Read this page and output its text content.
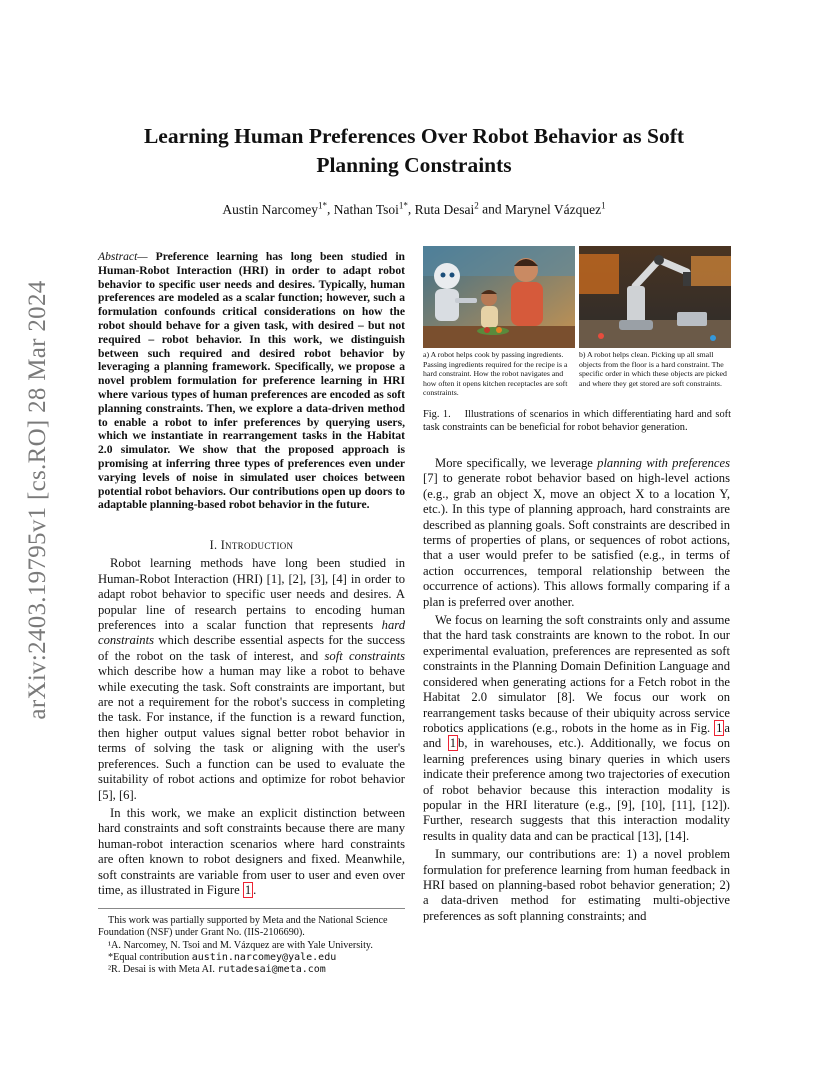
arXiv:2403.19795v1 [cs.RO] 28 Mar 2024
Learning Human Preferences Over Robot Behavior as Soft
Planning Constraints
Austin Narcomey$^{1*}$, Nathan Tsoi$^{1*}$, Ruta Desai$^2$ and Marynel Vázquez$^1$
Abstract— Preference learning has long been studied in Human-Robot Interaction (HRI) in order to adapt robot behavior to specific user needs and desires. Typically, human preferences are modeled as a scalar function; however, such a formulation confounds critical considerations on how the robot should behave for a given task, with desired – but not required – robot behavior. In this work, we distinguish between such required and desired robot behavior by leveraging a planning framework. Specifically, we propose a novel problem formulation for preference learning in HRI where various types of human preferences are encoded as soft planning constraints. Then, we explore a data-driven method to enable a robot to infer preferences by querying users, which we instantiate in rearrangement tasks in the Habitat 2.0 simulator. We show that the proposed approach is promising at inferring three types of preferences even under varying levels of noise in simulated user choices between potential robot behaviors. Our contributions open up doors to adaptable planning-based robot behavior in the future.
I. Introduction

Robot learning methods have long been studied in Human-Robot Interaction (HRI) [1], [2], [3], [4] in order to adapt robot behavior to specific user needs and desires. A popular line of research pertains to encoding human preferences into a scalar function that represents hard constraints which describe essential aspects for the success of the robot on the task of interest, and soft constraints which describe how a human may like a robot to behave while executing the task. Soft constraints are important, but are not a requirement for the robot's success in completing the task. For instance, if the function is a reward function, then higher output values signal better robot behavior in terms of solving the task or aligning with the user's preferences. Such a function can be used to evaluate the suitability of robot actions and optimize for robot behavior [5], [6].

In this work, we make an explicit distinction between hard constraints and soft constraints because there are many human-robot interaction scenarios where hard constraints are often known to robot designers and fixed. Meanwhile, soft constraints are variable from user to user and even over time, as illustrated in Figure 1 .

This work was partially supported by Meta and the National Science Foundation (NSF) under Grant No. (IIS-2106690).
¹A. Narcomey, N. Tsoi and M. Vázquez are with Yale University.
*Equal contribution austin.narcomey@yale.edu
²R. Desai is with Meta AI. rutadesai@meta.com
a) A robot helps cook by passing ingredients. Passing ingredients required for the recipe is a hard constraint. How the robot navigates and how often it opens kitchen receptacles are soft constraints.
b) A robot helps clean. Picking up all small objects from the floor is a hard constraint. The specific order in which these objects are picked and where they get stored are soft constraints.
Fig. 1. Illustrations of scenarios in which differentiating hard and soft task constraints can be beneficial for robot behavior generation.

More specifically, we leverage planning with preferences [7] to generate robot behavior based on high-level actions (e.g., grab an object X, move an object X to a location Y, etc.). In this type of planning approach, hard constraints are described as planning goals. Soft constraints are described in terms of properties of plans, or sequences of robot actions, that a user would prefer to be satisfied (e.g., in terms of action occurrences, temporal relationship between the occurrence of actions). This allows formally comparing if a plan is preferred over another.

We focus on learning the soft constraints only and assume that the hard task constraints are known to the robot. In our experimental evaluation, preferences are represented as soft constraints in the Planning Domain Definition Language and considered when generating actions for a Fetch robot in the Habitat 2.0 simulator [8]. We focus our work on rearrangement tasks because of their ubiquity across service robotics applications (e.g., robots in the home as in Fig. 1 a and 1 b, in warehouses, etc.). Additionally, we focus on learning preferences using binary queries in which users indicate their preference among two trajectories of execution of robot behavior because this interaction modality is popular in the HRI literature (e.g., [9], [10], [11], [12]). Further, research suggests that this interaction modality results in quality data and can be practical [13], [14].

In summary, our contributions are: 1) a novel problem formulation for preference learning from human feedback in HRI based on planning-based robot behavior generation; 2) a data-driven method for estimating multi-objective preferences as soft planning constraints; and
